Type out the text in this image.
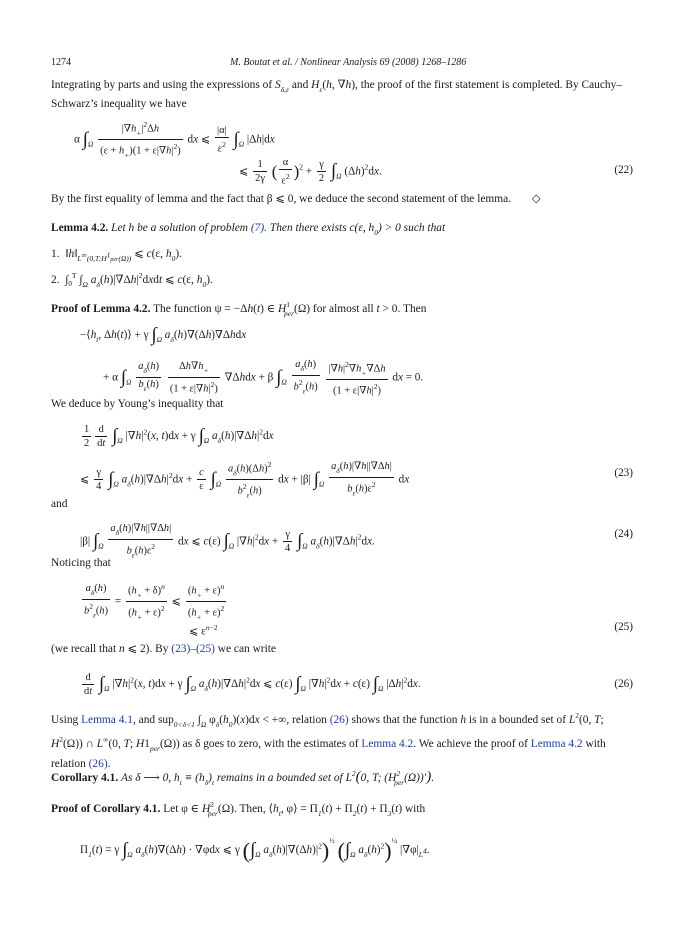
1274	M. Boutat et al. / Nonlinear Analysis 69 (2008) 1268–1286
Integrating by parts and using the expressions of $S_{\delta,\varepsilon}$ and $H_\varepsilon(h$, ∇h), the proof of the first statement is completed. By Cauchy–Schwarz’s inequality we have
α $\int_\Omega \frac{|\nabla h_+|^2\Delta h}{(\varepsilon + h_+)(1 + \varepsilon|\nabla h|^2)}$ dx ⩽ $\frac{|\alpha|}{\varepsilon^2} \int_\Omega$ |Δh|dx
⩽ $\frac{1}{2\gamma}$ ( $\frac{\alpha}{\varepsilon^2} )^2 + \frac{\gamma}{2} \int_\Omega$ $(\Delta h)^2dx$.	(22)
By the first equality of lemma and the fact that β ⩽ 0, we deduce the second statement of the lemma. ◇
Lemma 4.2. Let h be a solution of problem (7). Then there exists c(ε, $h_0) > 0$ such that
1.  $‖h‖_{L^\infty(0,T;H^1per(\Omega))}$ ⩽ c(ε, $h_0$).
2.  $\int_0^T$ $\int_\Omega$ $a_\delta(h)|\nabla\Delta h|^2dxdt$ ⩽ c(ε, $h_0$).
Proof of Lemma 4.2. The function ψ = −Δh(t) ∈ $H^1_{per}(\Omega)$ for almost all t > 0. Then
$-⟨h_t$, Δh(t)⟩ + γ $\int_\Omega$ $a_\delta(h)\nabla(\Delta h)\nabla\Delta hdx$
+ α $\int_\Omega \frac{a_\delta(h)}{b_\varepsilon(h)}$
$\frac{\Delta h\nabla h_+}{(1 + \varepsilon|\nabla h|^2)} \nabla\Delta hdx + \beta$ $\int_\Omega \frac{a_\delta(h)}{b^2_\varepsilon(h)}$
$\frac{|\nabla h|^2\nabla h_+\nabla\Delta h}{(1 + \varepsilon|\nabla h|^2)}$ dx = 0.
We deduce by Young’s inequality that
$\frac{1}{2} \frac{d}{dt} \int_\Omega$ $|\nabla h|^2(x$, t)dx + γ $\int_\Omega$ $a_\delta(h)|\nabla\Delta h|^2dx$
⩽ $\frac{\gamma}{4} \int_\Omega$ $a_\delta(h)|\nabla\Delta h|^2dx + \frac{c}{\varepsilon} \int_\Omega \frac{a_\delta(h)(\Delta h)^2}{b^2_\varepsilon(h)}$ dx + |β| $\int_\Omega \frac{a_\delta(h)|\nabla h||\nabla\Delta h|}{b_\varepsilon(h)\varepsilon^2}$ dx
(23)
and
|β| $\int_\Omega \frac{a_\delta(h)|\nabla h||\nabla\Delta h|}{b_\varepsilon(h)\varepsilon^2}$ dx ⩽ c(ε) $\int_\Omega$ $|\nabla h|^2dx + \frac{\gamma}{4} \int_\Omega$ $a_\delta(h)|\nabla\Delta h|^2dx$.
(24)
Noticing that
$\frac{a_\delta(h)}{b^2_\varepsilon(h)} = \frac{(h_+ + \delta)^n}{(h_+ + \varepsilon)^2}$ ⩽ $\frac{(h_+ + \varepsilon)^n}{(h_+ + \varepsilon)^2}$
⩽ $\varepsilon^{n-2}$	(25)
(we recall that n ⩽ 2). By (23)–(25) we can write
$\frac{d}{dt} \int_\Omega$ $|\nabla h|^2(x$, t)dx + γ $\int_\Omega$ $a_\delta(h)|\nabla\Delta h|^2dx$ ⩽ c(ε) $\int_\Omega$ $|\nabla h|^2dx + c(\varepsilon)$ $\int_\Omega$ $|\Delta h|^2dx$.	(26)
Using Lemma 4.1, and sup$_{0<\delta<1}$ $\int_\Omega$ $\varphi_\delta(h_0)(x)dx$ < +∞, relation (26) shows that the function h is in a bounded set of $L^2(0$, T; $H^2(\Omega)$) ∩ L∞(0, T; $H1_{per}(\Omega)$) as δ goes to zero, with the estimates of Lemma 4.2. We achieve the proof of Lemma 4.2 with relation (26).
Corollary 4.1. As δ ⟶ 0, $h_t \equiv (h_\delta)_t$ remains in a bounded set of $L^2(0$, T; $(H^2_{per}(\Omega))'$).
Proof of Corollary 4.1. Let φ ∈ $H^2_{per}(\Omega)$. Then, $⟨h_t$, φ⟩ = $\Pi_1(t) + \Pi_2(t) + \Pi_3(t)$ with
$\Pi_1(t) = \gamma$ $\int_\Omega$ $a_\delta(h)\nabla(\Delta h) \cdot \nabla\varphi dx$ ⩽ γ ($\int_\Omega$ $a_\delta(h)|\nabla(\Delta h)|^2)^{\frac{1}{2}}$ ($\int_\Omega$ $a_\delta(h)^2)^{\frac{1}{4}}$ $|\nabla\varphi|_{L^4}$.
